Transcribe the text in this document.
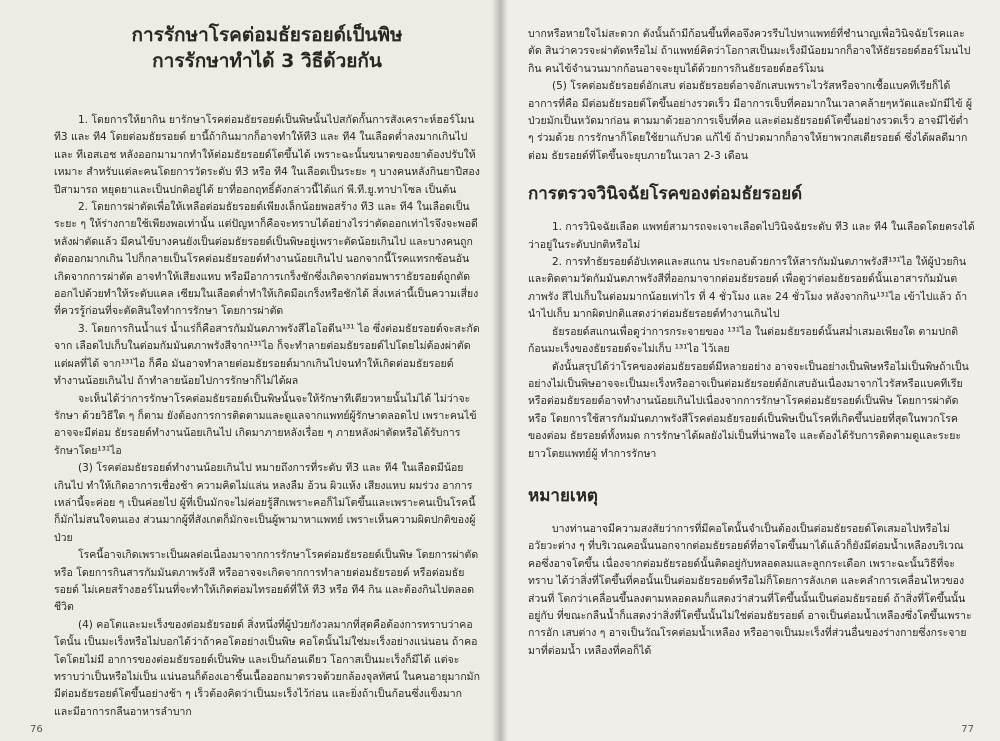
การรักษาโรคต่อมธัยรอยด์เป็นพิษ
การรักษาทำได้ 3 วิธีด้วยกัน

1. โดยการให้ยากิน ยารักษาโรคต่อมธัยรอยด์เป็นพิษนั้นไปสกัดกั้นการสังเคราะห์ฮอร์โมน ที3 และ ที4 โดยต่อมธัยรอยด์ ยานี้ถ้ากินมากก็อาจทำให้ที3 และ ที4 ในเลือดต่ำลงมากเกินไป และ ทีเอสเอช หลังออกมามากทำให้ต่อมธัยรอยด์โตขึ้นได้ เพราะฉะนั้นขนาดของยาต้องปรับให้เหมาะ สำหรับแต่ละคนโดยการวัดระดับ ที3 หรือ ที4 ในเลือดเป็นระยะ ๆ บางคนหลังกินยาปีสองปีสามารถ หยุดยาและเป็นปกติอยู่ได้ ยาที่ออกฤทธิ์ดังกล่าวนี้ได้แก่ พี.ที.ยู.ทาปาโซล เป็นต้น

2. โดยการผ่าตัดเพื่อให้เหลือต่อมธัยรอยด์เพียงเล็กน้อยพอสร้าง ที3 และ ที4 ในเลือดเป็นระยะ ๆ ให้ร่างกายใช้เพียงพอเท่านั้น แต่ปัญหาก็คือจะทราบได้อย่างไรว่าตัดออกเท่าไรจึงจะพอดี หลังผ่าตัดแล้ว มีคนไข้บางคนยังเป็นต่อมธัยรอยด์เป็นพิษอยู่เพราะตัดน้อยเกินไป และบางคนถูกตัดออกมากเกิน ไปก็กลายเป็นโรคต่อมธัยรอยด์ทำงานน้อยเกินไป นอกจากนี้โรคแทรกซ้อนอันเกิดจากการผ่าตัด อาจทำให้เสียงแหบ หรือมีอาการเกร็งชักซึ่งเกิดจากต่อมพาราธัยรอยด์ถูกตัดออกไปด้วยทำให้ระดับแคล เซียมในเลือดต่ำทำให้เกิดมือเกร็งหรือชักได้ สิ่งเหล่านี้เป็นความเสี่ยงที่ควรรู้ก่อนที่จะตัดสินใจทำการรักษา โดยการผ่าตัด

3. โดยการกินน้ำแร่ น้ำแร่ก็คือสารกัมมันตภาพรังสีไอโอดีน¹³¹ ไอ ซึ่งต่อมธัยรอยด์จะสะกัดจาก เลือดไปเก็บในต่อมกัมมันตภาพรังสีจาก¹³¹ไอ ก็จะทำลายต่อมธัยรอยด์ไปโดยไม่ต้องผ่าตัด แต่ผลที่ได้ จาก¹³¹ไอ ก็คือ มันอาจทำลายต่อมธัยรอยด์มากเกินไปจนทำให้เกิดต่อมธัยรอยด์ทำงานน้อยเกินไป ถ้าทำลายน้อยไปการรักษาก็ไม่ได้ผล

จะเห็นได้ว่าการรักษาโรคต่อมธัยรอยด์เป็นพิษนั้นจะให้รักษาทีเดียวหายนั้นไม่ได้ ไม่ว่าจะรักษา ด้วยวิธีใด ๆ ก็ตาม ยังต้องการการติดตามและดูแลจากแพทย์ผู้รักษาตลอดไป เพราะคนไข้อาจจะมีต่อม ธัยรอยด์ทำงานน้อยเกินไป เกิดมาภายหลังเรื่อย ๆ ภายหลังผ่าตัดหรือได้รับการรักษาโดย¹³¹ไอ

(3) โรคต่อมธัยรอยด์ทำงานน้อยเกินไป หมายถึงการที่ระดับ ที3 และ ที4 ในเลือดมีน้อยเกินไป ทำให้เกิดอาการเชื่องช้า ความคิดไม่แล่น หลงลืม อ้วน ผิวแห้ง เสียงแหบ ผมร่วง อาการเหล่านี้จะค่อย ๆ เป็นค่อยไป ผู้ที่เป็นมักจะไม่ค่อยรู้สึกเพราะคอก็ไม่โตขึ้นและเพราะคนเป็นโรคนี้ก็มักไม่สนใจตนเอง ส่วนมากผู้ที่สังเกตก็มักจะเป็นผู้พามาหาแพทย์ เพราะเห็นความผิดปกติของผู้ป่วย

โรคนี้อาจเกิดเพราะเป็นผลต่อเนื่องมาจากการรักษาโรคต่อมธัยรอยด์เป็นพิษ โดยการผ่าตัดหรือ โดยการกินสารกัมมันตภาพรังสี หรืออาจจะเกิดจากการทำลายต่อมธัยรอยด์ หรือต่อมธัยรอยด์ ไม่เคยสร้างฮอร์โมนที่จะทำให้เกิดต่อมไทรอยด์ที่ให้ ที3 หรือ ที4 กิน และต้องกินไปตลอดชีวิต

(4) คอโตและมะเร็งของต่อมธัยรอยด์ สิ่งหนึ่งที่ผู้ป่วยกังวลมากที่สุดคือต้องการทราบว่าคอโตนั้น เป็นมะเร็งหรือไม่บอกได้ว่าถ้าคอโตอย่างเป็นพิษ คอโตนั้นไม่ใช่มะเร็งอย่างแน่นอน ถ้าคอโตโดยไม่มี อาการของต่อมธัยรอยด์เป็นพิษ และเป็นก้อนเดียว โอกาสเป็นมะเร็งก็มีได้ แต่จะทราบว่าเป็นหรือไม่เป็น แน่นอนก็ต้องเอาชิ้นเนื้อออกมาตรวจด้วยกล้องจุลทัศน์ ในคนอายุมากมักมีต่อมธัยรอยด์โตขึ้นอย่างช้า ๆ เร็วต้องคิดว่าเป็นมะเร็งไว้ก่อน และยิ่งถ้าเป็นก้อนซึ่งแข็งมาก และมีอาการกลืนอาหารลำบาก

76

บากหรือหายใจไม่สะดวก ดังนั้นถ้ามีก้อนขึ้นที่คอจึงควรรีบไปหาแพทย์ที่ชำนาญเพื่อวินิจฉัยโรคและตัด สินว่าควรจะผ่าตัดหรือไม่ ถ้าแพทย์คิดว่าโอกาสเป็นมะเร็งมีน้อยมากก็อาจให้ธัยรอยด์ฮอร์โมนไปกิน คนไข้จำนวนมากก้อนอาจจะยุบได้ด้วยการกินธัยรอยด์ฮอร์โมน

(5) โรคต่อมธัยรอยด์อักเสบ ต่อมธัยรอยด์อาจอักเสบเพราะไวรัสหรือจากเชื้อแบคทีเรียก็ได้ อาการที่คือ มีต่อมธัยรอยด์โตขึ้นอย่างรวดเร็ว มีอาการเจ็บที่คอมากในเวลาคล้ายๆหวัดและมักมีไข้ ผู้ป่วยมักเป็นหวัดมาก่อน ตามมาด้วยอาการเจ็บที่คอ และต่อมธัยรอยด์โตขึ้นอย่างรวดเร็ว อาจมีไข้ต่ำ ๆ ร่วมด้วย การรักษาก็โดยใช้ยาแก้ปวด แก้ไข้ ถ้าปวดมากก็อาจให้ยาพวกสเตียรอยด์ ซึ่งได้ผลดีมากต่อม ธัยรอยด์ที่โตขึ้นจะยุบภายในเวลา 2-3 เดือน

การตรวจวินิจฉัยโรคของต่อมธัยรอยด์

1. การวินิจฉัยเลือด แพทย์สามารถจะเจาะเลือดไปวินิจฉัยระดับ ที3 และ ที4 ในเลือดโดยตรงได้ ว่าอยู่ในระดับปกติหรือไม่

2. การทำธัยรอยด์อัปเทคและสแกน ประกอบด้วยการให้สารกัมมันตภาพรังสี¹³¹ไอ ให้ผู้ป่วยกิน และติดตามวัดกัมมันตภาพรังสีที่ออกมาจากต่อมธัยรอยด์ เพื่อดูว่าต่อมธัยรอยด์นั้นเอาสารกัมมันตภาพรัง สีไปเก็บในต่อมมากน้อยเท่าไร ที่ 4 ชั่วโมง และ 24 ชั่วโมง หลังจากกิน¹³¹ไอ เข้าไปแล้ว ถ้านำไปเก็บ มากผิดปกติแสดงว่าต่อมธัยรอยด์ทำงานเกินไป

ธัยรอยด์สแกนเพื่อดูว่าการกระจายของ ¹³¹ไอ ในต่อมธัยรอยด์นั้นสม่ำเสมอเพียงใด ตามปกติ ก้อนมะเร็งของธัยรอยด์จะไม่เก็บ ¹³¹ไอ ไว้เลย

ดังนั้นสรุปได้ว่าโรคของต่อมธัยรอยด์มีหลายอย่าง อาจจะเป็นอย่างเป็นพิษหรือไม่เป็นพิษถ้าเป็น อย่างไม่เป็นพิษอาจจะเป็นมะเร็งหรืออาจเป็นต่อมธัยรอยด์อักเสบอันเนื่องมาจากไวรัสหรือแบคทีเรีย หรือต่อมธัยรอยด์อาจทำงานน้อยเกินไปเนื่องจากการรักษาโรคต่อมธัยรอยด์เป็นพิษ โดยการผ่าตัดหรือ โดยการใช้สารกัมมันตภาพรังสีโรคต่อมธัยรอยด์เป็นพิษเป็นโรคที่เกิดขึ้นบ่อยที่สุดในพวกโรคของต่อม ธัยรอยด์ทั้งหมด การรักษาได้ผลยังไม่เป็นที่น่าพอใจ และต้องได้รับการติดตามดูและระยะยาวโดยแพทย์ผู้ ทำการรักษา

หมายเหตุ

บางท่านอาจมีความสงสัยว่าการที่มีคอโตนั้นจำเป็นต้องเป็นต่อมธัยรอยด์โตเสมอไปหรือไม่ อวัยวะต่าง ๆ ที่บริเวณคอนั้นนอกจากต่อมธัยรอยด์ที่อาจโตขึ้นมาได้แล้วก็ยังมีต่อมน้ำเหลืองบริเวณ คอซึ่งอาจโตขึ้น เนื่องจากต่อมธัยรอยด์นั้นติดอยู่กับหลอดลมและลูกกระเดือก เพราะฉะนั้นวิธีที่จะทราบ ได้ว่าสิ่งที่โตขึ้นที่คอนั้นเป็นต่อมธัยรอยด์หรือไม่ก็โดยการลังเกต และคลำการเคลื่อนไหวของส่วนที่ โตกว่าเคลื่อนขึ้นลงตามหลอดลมก็แสดงว่าส่วนที่โตขึ้นนั้นเป็นต่อมธัยรอยด์ ถ้าสิ่งที่โตขึ้นนั้นอยู่กับ ที่ขณะกลืนน้ำก็แสดงว่าสิ่งที่โตขึ้นนั้นไม่ใช่ต่อมธัยรอยด์ อาจเป็นต่อมน้ำเหลืองซึ่งโตขึ้นเพราะการอัก เสบต่าง ๆ อาจเป็นวัณโรคต่อมน้ำเหลือง หรืออาจเป็นมะเร็งที่ส่วนอื่นของร่างกายซึ่งกระจายมาที่ต่อมน้ำ เหลืองที่คอก็ได้

77
